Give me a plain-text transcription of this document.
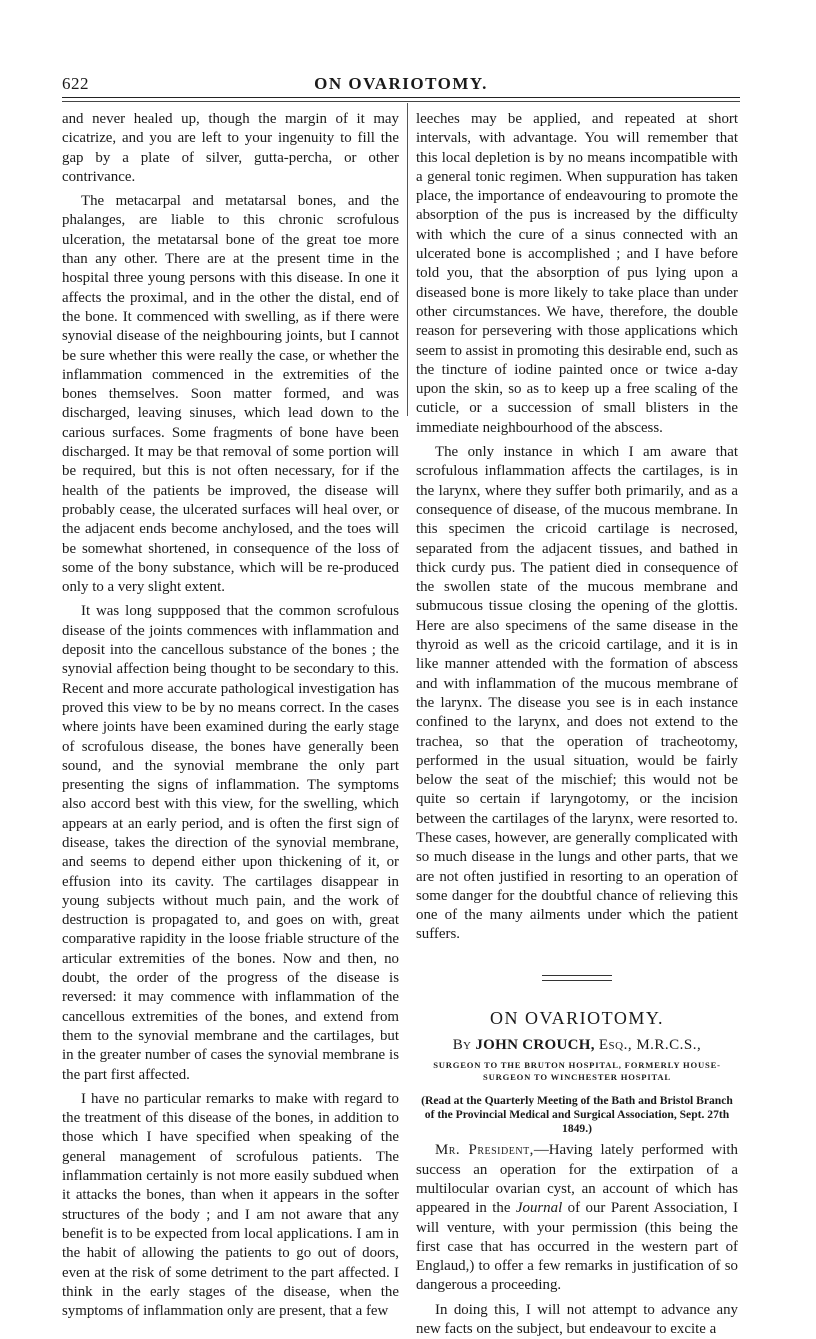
622	ON OVARIOTOMY.

and never healed up, though the margin of it may cicatrize, and you are left to your ingenuity to fill the gap by a plate of silver, gutta-percha, or other contrivance.

The metacarpal and metatarsal bones, and the phalanges, are liable to this chronic scrofulous ulceration, the metatarsal bone of the great toe more than any other. There are at the present time in the hospital three young persons with this disease. In one it affects the proximal, and in the other the distal, end of the bone. It commenced with swelling, as if there were synovial disease of the neighbouring joints, but I cannot be sure whether this were really the case, or whether the inflammation commenced in the extremities of the bones themselves. Soon matter formed, and was discharged, leaving sinuses, which lead down to the carious surfaces. Some fragments of bone have been discharged. It may be that removal of some portion will be required, but this is not often necessary, for if the health of the patients be improved, the disease will probably cease, the ulcerated surfaces will heal over, or the adjacent ends become anchylosed, and the toes will be somewhat shortened, in consequence of the loss of some of the bony substance, which will be re-produced only to a very slight extent.

It was long suppposed that the common scrofulous disease of the joints commences with inflammation and deposit into the cancellous substance of the bones ; the synovial affection being thought to be secondary to this. Recent and more accurate pathological investigation has proved this view to be by no means correct. In the cases where joints have been examined during the early stage of scrofulous disease, the bones have generally been sound, and the synovial membrane the only part presenting the signs of inflammation. The symptoms also accord best with this view, for the swelling, which appears at an early period, and is often the first sign of disease, takes the direction of the synovial membrane, and seems to depend either upon thickening of it, or effusion into its cavity. The cartilages disappear in young subjects without much pain, and the work of destruction is propagated to, and goes on with, great comparative rapidity in the loose friable structure of the articular extremities of the bones. Now and then, no doubt, the order of the progress of the disease is reversed: it may commence with inflammation of the cancellous extremities of the bones, and extend from them to the synovial membrane and the cartilages, but in the greater number of cases the synovial membrane is the part first affected.

I have no particular remarks to make with regard to the treatment of this disease of the bones, in addition to those which I have specified when speaking of the general management of scrofulous patients. The inflammation certainly is not more easily subdued when it attacks the bones, than when it appears in the softer structures of the body ; and I am not aware that any benefit is to be expected from local applications. I am in the habit of allowing the patients to go out of doors, even at the risk of some detriment to the part affected. I think in the early stages of the disease, when the symptoms of inflammation only are present, that a few

leeches may be applied, and repeated at short intervals, with advantage. You will remember that this local depletion is by no means incompatible with a general tonic regimen. When suppuration has taken place, the importance of endeavouring to promote the absorption of the pus is increased by the difficulty with which the cure of a sinus connected with an ulcerated bone is accomplished ; and I have before told you, that the absorption of pus lying upon a diseased bone is more likely to take place than under other circumstances. We have, therefore, the double reason for persevering with those applications which seem to assist in promoting this desirable end, such as the tincture of iodine painted once or twice a-day upon the skin, so as to keep up a free scaling of the cuticle, or a succession of small blisters in the immediate neighbourhood of the abscess.

The only instance in which I am aware that scrofulous inflammation affects the cartilages, is in the larynx, where they suffer both primarily, and as a consequence of disease, of the mucous membrane. In this specimen the cricoid cartilage is necrosed, separated from the adjacent tissues, and bathed in thick curdy pus. The patient died in consequence of the swollen state of the mucous membrane and submucous tissue closing the opening of the glottis. Here are also specimens of the same disease in the thyroid as well as the cricoid cartilage, and it is in like manner attended with the formation of abscess and with inflammation of the mucous membrane of the larynx. The disease you see is in each instance confined to the larynx, and does not extend to the trachea, so that the operation of tracheotomy, performed in the usual situation, would be fairly below the seat of the mischief; this would not be quite so certain if laryngotomy, or the incision between the cartilages of the larynx, were resorted to. These cases, however, are generally complicated with so much disease in the lungs and other parts, that we are not often justified in resorting to an operation of some danger for the doubtful chance of relieving this one of the many ailments under which the patient suffers.

ON OVARIOTOMY.
By JOHN CROUCH, Esq., M.R.C.S.,
SURGEON TO THE BRUTON HOSPITAL, FORMERLY HOUSE-SURGEON TO WINCHESTER HOSPITAL
(Read at the Quarterly Meeting of the Bath and Bristol Branch of the Provincial Medical and Surgical Association, Sept. 27th 1849.)

Mr. President,—Having lately performed with success an operation for the extirpation of a multilocular ovarian cyst, an account of which has appeared in the Journal of our Parent Association, I will venture, with your permission (this being the first case that has occurred in the western part of Englaud,) to offer a few remarks in justification of so dangerous a proceeding.

In doing this, I will not attempt to advance any new facts on the subject, but endeavour to excite a
